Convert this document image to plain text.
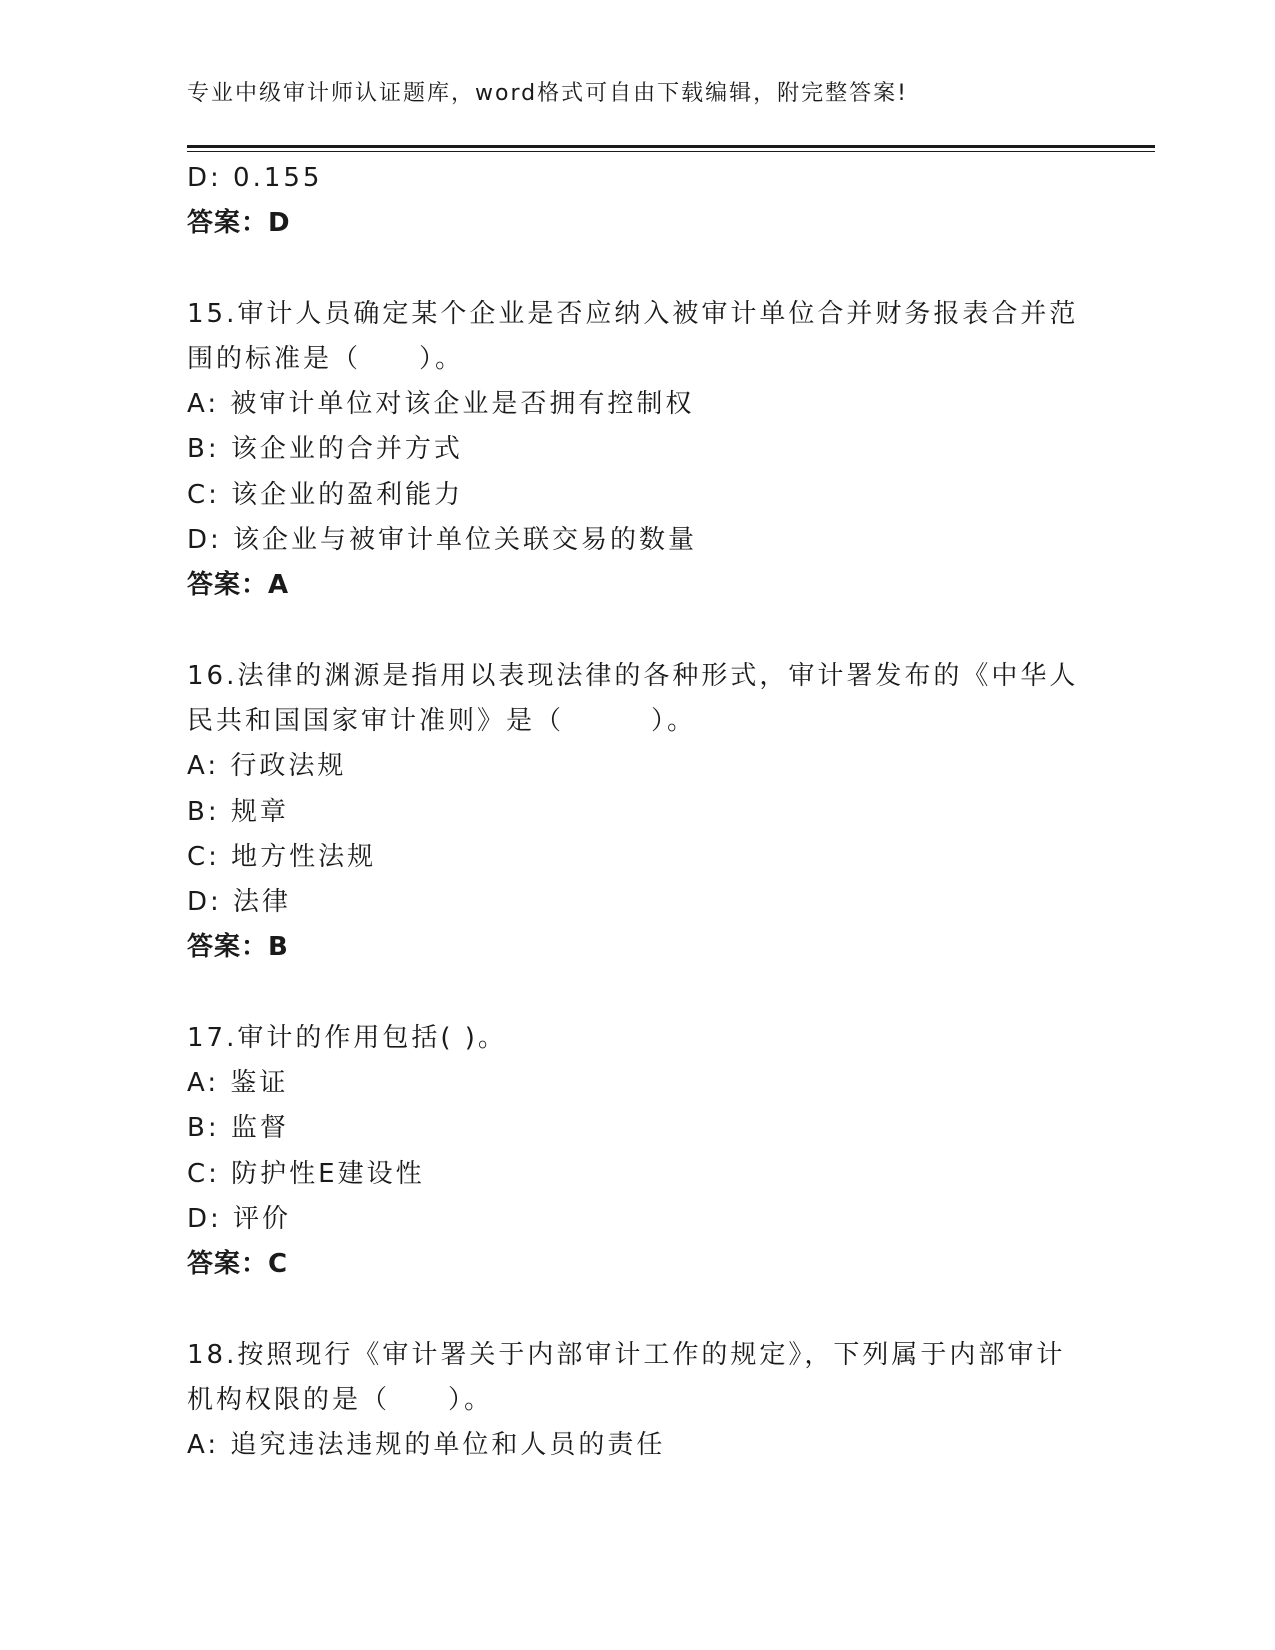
专业中级审计师认证题库，word格式可自由下载编辑，附完整答案!
D: 0.155
答案：D
15.审计人员确定某个企业是否应纳入被审计单位合并财务报表合并范
围的标准是（　　）。
A: 被审计单位对该企业是否拥有控制权
B: 该企业的合并方式
C: 该企业的盈利能力
D: 该企业与被审计单位关联交易的数量
答案：A
16.法律的渊源是指用以表现法律的各种形式，审计署发布的《中华人
民共和国国家审计准则》是（　　　）。
A: 行政法规
B: 规章
C: 地方性法规
D: 法律
答案：B
17.审计的作用包括( )。
A: 鉴证
B: 监督
C: 防护性E建设性
D: 评价
答案：C
18.按照现行《审计署关于内部审计工作的规定》，下列属于内部审计
机构权限的是（　　）。
A: 追究违法违规的单位和人员的责任
